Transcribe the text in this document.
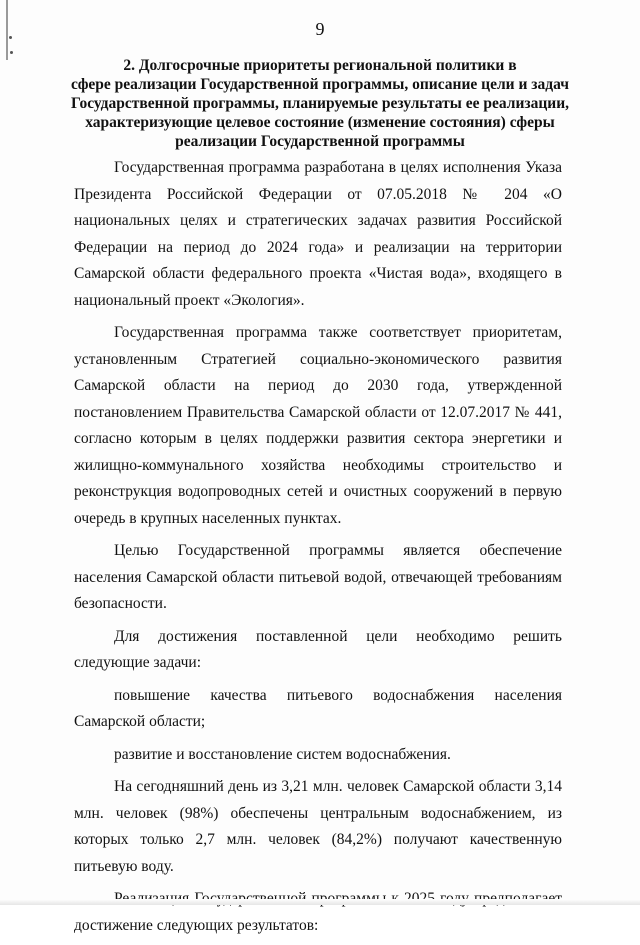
9
2. Долгосрочные приоритеты региональной политики в
сфере реализации Государственной программы, описание цели и задач
Государственной программы, планируемые результаты ее реализации,
характеризующие целевое состояние (изменение состояния) сферы
реализации Государственной программы

Государственная программа разработана в целях исполнения Указа Президента Российской Федерации от 07.05.2018 № 204 «О национальных целях и стратегических задачах развития Российской Федерации на период до 2024 года» и реализации на территории Самарской области федерального проекта «Чистая вода», входящего в национальный проект «Экология».

Государственная программа также соответствует приоритетам, установленным Стратегией социально-экономического развития Самарской области на период до 2030 года, утвержденной постановлением Правительства Самарской области от 12.07.2017 № 441, согласно которым в целях поддержки развития сектора энергетики и жилищно-коммунального хозяйства необходимы строительство и реконструкция водопроводных сетей и очистных сооружений в первую очередь в крупных населенных пунктах.

Целью Государственной программы является обеспечение населения Самарской области питьевой водой, отвечающей требованиям безопасности.

Для достижения поставленной цели необходимо решить следующие задачи:

повышение качества питьевого водоснабжения населения Самарской области;

развитие и восстановление систем водоснабжения.

На сегодняшний день из 3,21 млн. человек Самарской области 3,14 млн. человек (98%) обеспечены центральным водоснабжением, из которых только 2,7 млн. человек (84,2%) получают качественную питьевую воду.

достижение следующих результатов:
